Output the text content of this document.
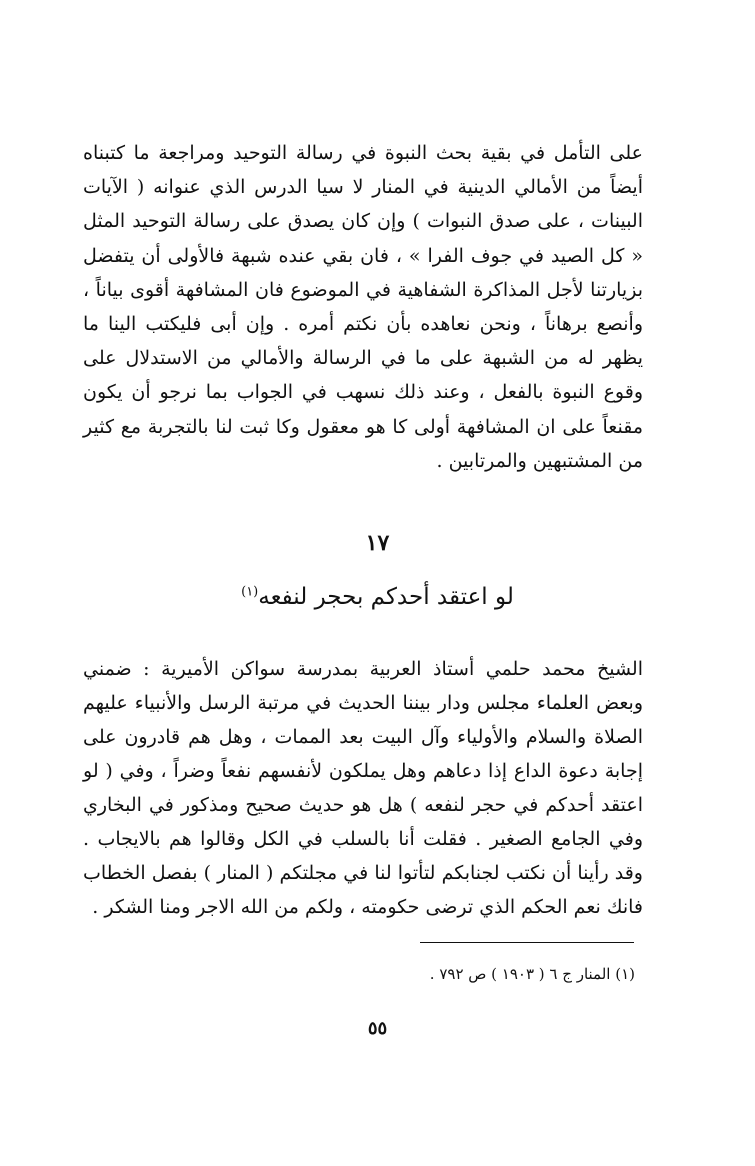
على التأمل في بقية بحث النبوة في رسالة التوحيد ومراجعة ما كتبناه أيضاً من الأمالي الدينية في المنار لا سيا الدرس الذي عنوانه ( الآيات البينات ، على صدق النبوات ) وإن كان يصدق على رسالة التوحيد المثل « كل الصيد في جوف الفرا » ، فان بقي عنده شبهة فالأولى أن يتفضل بزيارتنا لأجل المذاكرة الشفاهية في الموضوع فان المشافهة أقوى بياناً ، وأنصع برهاناً ، ونحن نعاهده بأن نكتم أمره . وإن أبى فليكتب الينا ما يظهر له من الشبهة على ما في الرسالة والأمالي من الاستدلال على وقوع النبوة بالفعل ، وعند ذلك نسهب في الجواب بما نرجو أن يكون مقنعاً على ان المشافهة أولى كا هو معقول وكا ثبت لنا بالتجربة مع كثير من المشتبهين والمرتابين .

١٧
لو اعتقد أحدكم بحجر لنفعه$^{(١)}$

الشيخ محمد حلمي أستاذ العربية بمدرسة سواكن الأميرية : ضمني وبعض العلماء مجلس ودار بيننا الحديث في مرتبة الرسل والأنبياء عليهم الصلاة والسلام والأولياء وآل البيت بعد الممات ، وهل هم قادرون على إجابة دعوة الداع إذا دعاهم وهل يملكون لأنفسهم نفعاً وضراً ، وفي ( لو اعتقد أحدكم في حجر لنفعه ) هل هو حديث صحيح ومذكور في البخاري وفي الجامع الصغير . فقلت أنا بالسلب في الكل وقالوا هم بالايجاب . وقد رأينا أن نكتب لجنابكم لتأتوا لنا في مجلتكم ( المنار ) بفصل الخطاب فانك نعم الحكم الذي ترضى حكومته ، ولكم من الله الاجر ومنا الشكر .

(١) المنار ج ٦ ( ١٩٠٣ ) ص ٧٩٢ .
٥٥
